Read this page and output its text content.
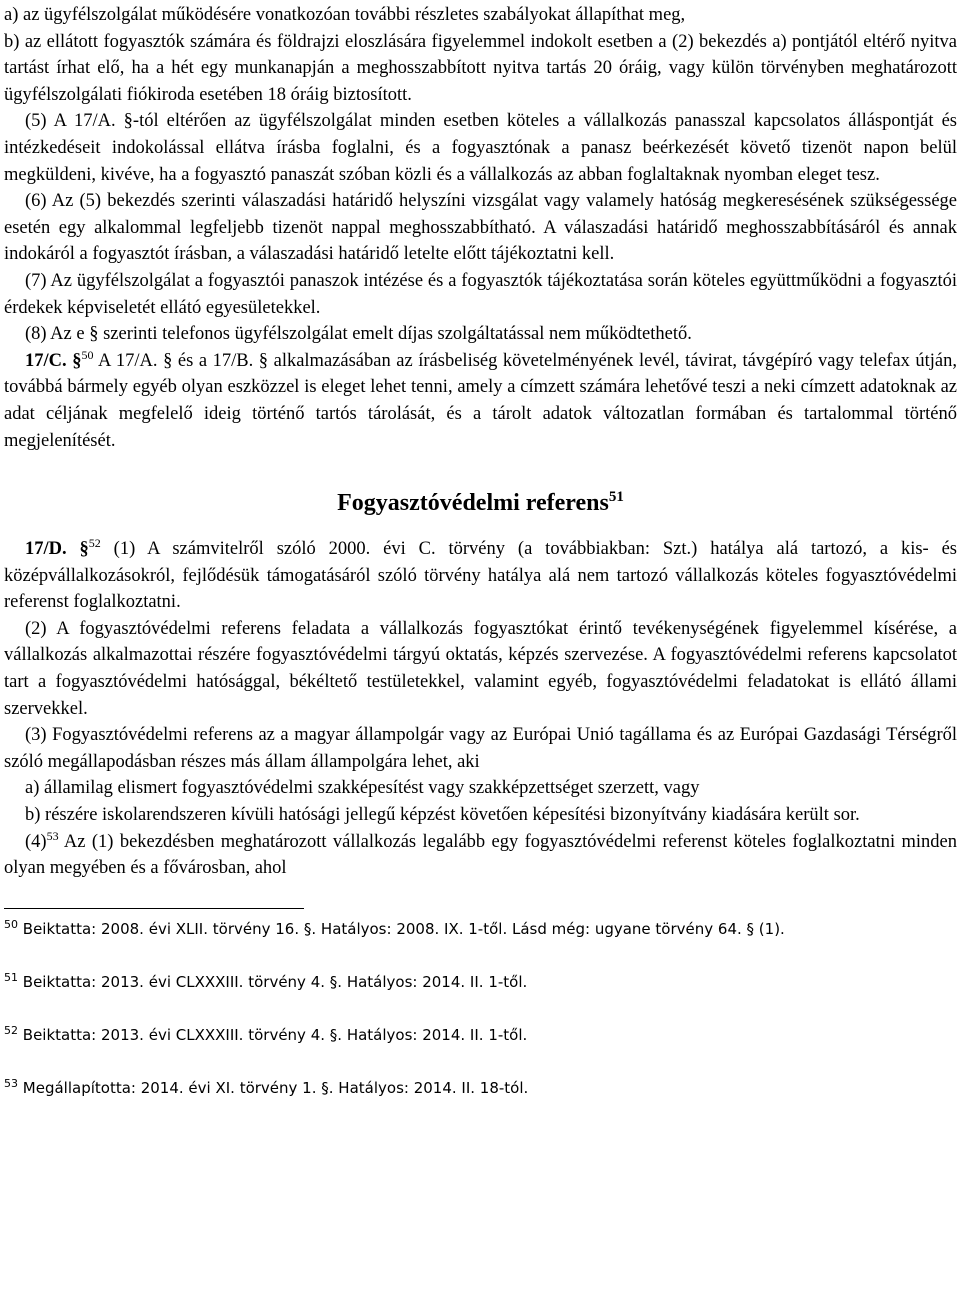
a) az ügyfélszolgálat működésére vonatkozóan további részletes szabályokat állapíthat meg,

b) az ellátott fogyasztók számára és földrajzi eloszlására figyelemmel indokolt esetben a (2) bekezdés a) pontjától eltérő nyitva tartást írhat elő, ha a hét egy munkanapján a meghosszabbított nyitva tartás 20 óráig, vagy külön törvényben meghatározott ügyfélszolgálati fiókiroda esetében 18 óráig biztosított.

(5) A 17/A. §-tól eltérően az ügyfélszolgálat minden esetben köteles a vállalkozás panasszal kapcsolatos álláspontját és intézkedéseit indokolással ellátva írásba foglalni, és a fogyasztónak a panasz beérkezését követő tizenöt napon belül megküldeni, kivéve, ha a fogyasztó panaszát szóban közli és a vállalkozás az abban foglaltaknak nyomban eleget tesz.

(6) Az (5) bekezdés szerinti válaszadási határidő helyszíni vizsgálat vagy valamely hatóság megkeresésének szükségessége esetén egy alkalommal legfeljebb tizenöt nappal meghosszabbítható. A válaszadási határidő meghosszabbításáról és annak indokáról a fogyasztót írásban, a válaszadási határidő letelte előtt tájékoztatni kell.

(7) Az ügyfélszolgálat a fogyasztói panaszok intézése és a fogyasztók tájékoztatása során köteles együttműködni a fogyasztói érdekek képviseletét ellátó egyesületekkel.

(8) Az e § szerinti telefonos ügyfélszolgálat emelt díjas szolgáltatással nem működtethető.

17/C. §$^{50}$ A 17/A. § és a 17/B. § alkalmazásában az írásbeliség követelményének levél, távirat, távgépíró vagy telefax útján, továbbá bármely egyéb olyan eszközzel is eleget lehet tenni, amely a címzett számára lehetővé teszi a neki címzett adatoknak az adat céljának megfelelő ideig történő tartós tárolását, és a tárolt adatok változatlan formában és tartalommal történő megjelenítését.

Fogyasztóvédelmi referens$^{51}$

17/D. §$^{52}$ (1) A számvitelről szóló 2000. évi C. törvény (a továbbiakban: Szt.) hatálya alá tartozó, a kis- és középvállalkozásokról, fejlődésük támogatásáról szóló törvény hatálya alá nem tartozó vállalkozás köteles fogyasztóvédelmi referenst foglalkoztatni.

(2) A fogyasztóvédelmi referens feladata a vállalkozás fogyasztókat érintő tevékenységének figyelemmel kísérése, a vállalkozás alkalmazottai részére fogyasztóvédelmi tárgyú oktatás, képzés szervezése. A fogyasztóvédelmi referens kapcsolatot tart a fogyasztóvédelmi hatósággal, békéltető testületekkel, valamint egyéb, fogyasztóvédelmi feladatokat is ellátó állami szervekkel.

(3) Fogyasztóvédelmi referens az a magyar állampolgár vagy az Európai Unió tagállama és az Európai Gazdasági Térségről szóló megállapodásban részes más állam állampolgára lehet, aki

a) államilag elismert fogyasztóvédelmi szakképesítést vagy szakképzettséget szerzett, vagy

b) részére iskolarendszeren kívüli hatósági jellegű képzést követően képesítési bizonyítvány kiadására került sor.

$(4)^{53}$ Az (1) bekezdésben meghatározott vállalkozás legalább egy fogyasztóvédelmi referenst köteles foglalkoztatni minden olyan megyében és a fővárosban, ahol

$^{50}$ Beiktatta: 2008. évi XLII. törvény 16. §. Hatályos: 2008. IX. 1-től. Lásd még: ugyane törvény 64. § (1).
$^{51}$ Beiktatta: 2013. évi CLXXXIII. törvény 4. §. Hatályos: 2014. II. 1-től.
$^{52}$ Beiktatta: 2013. évi CLXXXIII. törvény 4. §. Hatályos: 2014. II. 1-től.
$^{53}$ Megállapította: 2014. évi XI. törvény 1. §. Hatályos: 2014. II. 18-tól.
